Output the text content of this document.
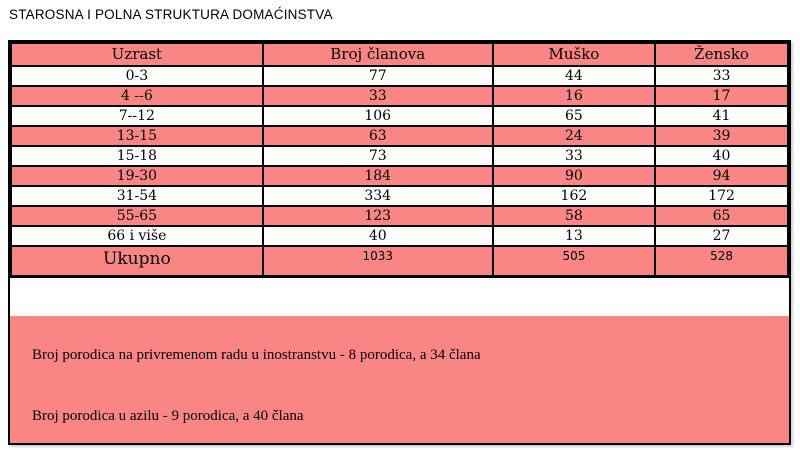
STAROSNA I POLNA STRUKTURA DOMAĆINSTVA
Uzrast	Broj članova	Muško	Žensko
0-3	77	44	33
4 --6	33	16	17
7--12	106	65	41
13-15	63	24	39
15-18	73	33	40
19-30	184	90	94
31-54	334	162	172
55-65	123	58	65
66 i više	40	13	27
Ukupno	1033	505	528

Broj porodica na privremenom radu u inostranstvu - 8 porodica, a 34 člana

Broj porodica u azilu - 9 porodica, a 40 člana
